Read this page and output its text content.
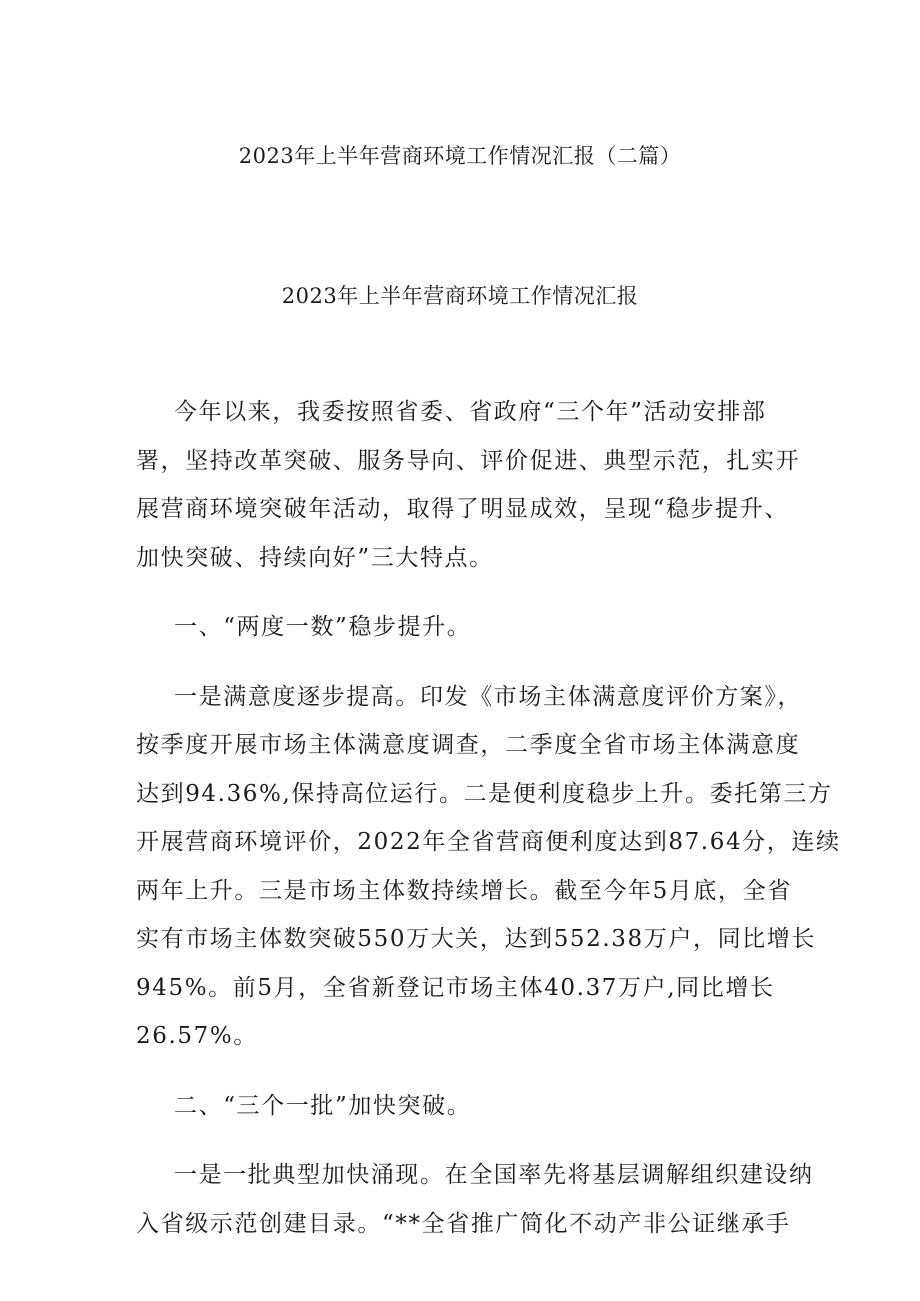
2023年上半年营商环境工作情况汇报（二篇）
2023年上半年营商环境工作情况汇报
今年以来，我委按照省委、省政府“三个年”活动安排部
署，坚持改革突破、服务导向、评价促进、典型示范，扎实开
展营商环境突破年活动，取得了明显成效，呈现“稳步提升、
加快突破、持续向好”三大特点。
一、“两度一数”稳步提升。
一是满意度逐步提高。印发《市场主体满意度评价方案》，
按季度开展市场主体满意度调查，二季度全省市场主体满意度
达到94.36%,保持高位运行。二是便利度稳步上升。委托第三方
开展营商环境评价，2022年全省营商便利度达到87.64分，连续
两年上升。三是市场主体数持续增长。截至今年5月底，全省
实有市场主体数突破550万大关，达到552.38万户，同比增长
945%。前5月，全省新登记市场主体40.37万户,同比增长
26.57%。
二、“三个一批”加快突破。
一是一批典型加快涌现。在全国率先将基层调解组织建设纳
入省级示范创建目录。“**全省推广简化不动产非公证继承手
